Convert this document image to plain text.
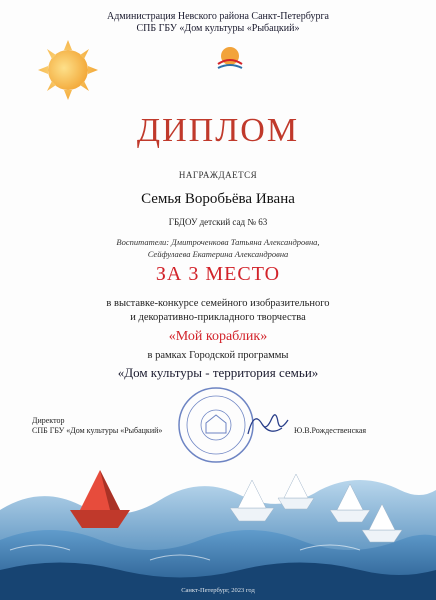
Администрация Невского района Санкт-Петербурга
СПБ ГБУ «Дом культуры «Рыбацкий»
ДИПЛОМ
НАГРАЖДАЕТСЯ
Семья Воробьёва Ивана
ГБДОУ детский сад № 63
Воспитатели: Дмитроченкова Татьяна Александровна,
Сейфулаева Екатерина Александровна
ЗА 3 МЕСТО
в выставке-конкурсе семейного изобразительного
и декоративно-прикладного творчества
«Мой кораблик»
в рамках Городской программы
«Дом культуры - территория семьи»
Директор
СПБ ГБУ «Дом культуры «Рыбацкий»	Ю.В.Рождественская
Санкт-Петербург, 2023 год
